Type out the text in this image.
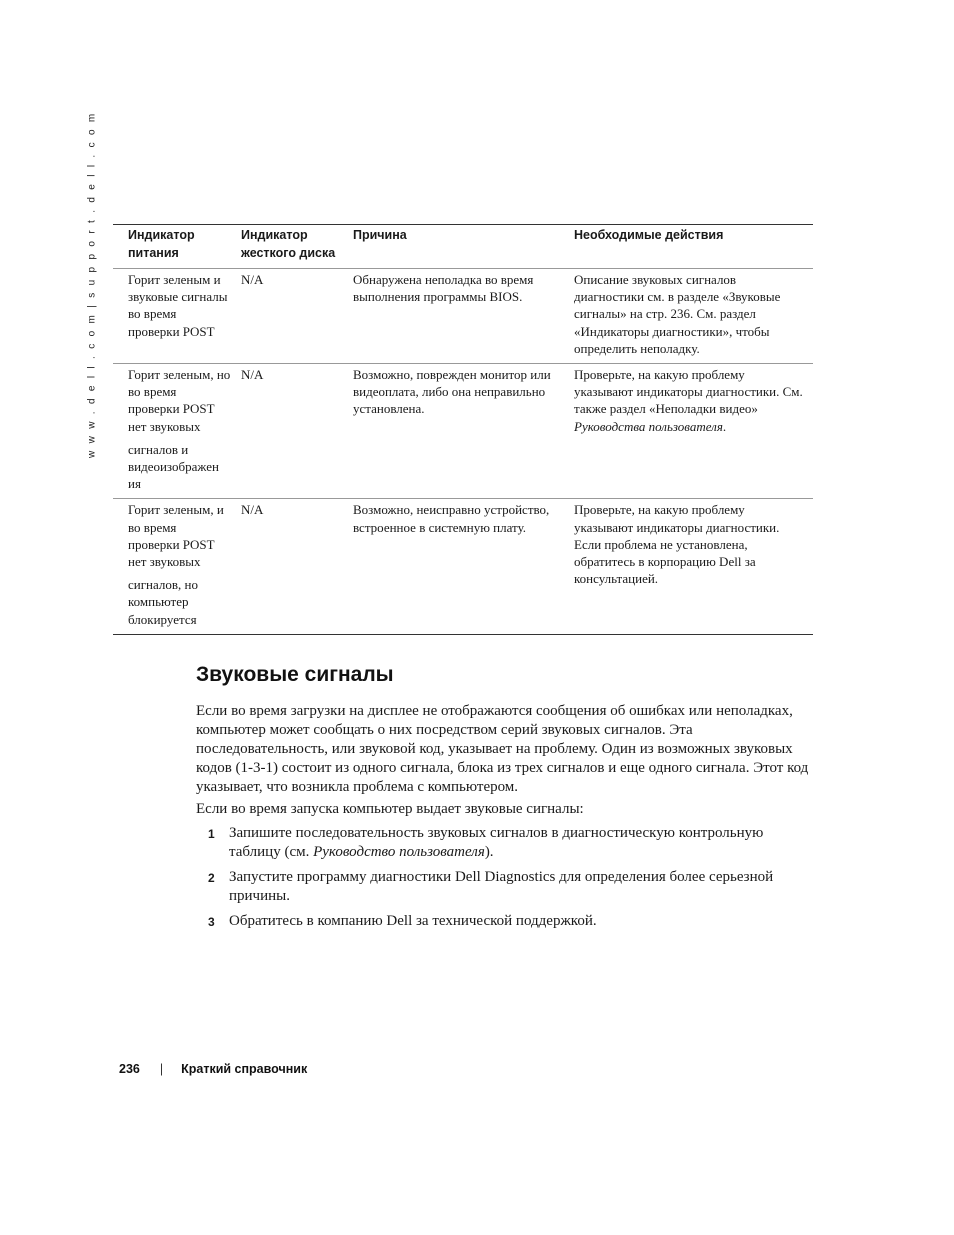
w w w . d e l l . c o m | s u p p o r t . d e l l . c o m Индикатор питания	Индикатор жесткого диска	Причина	Необходимые действия

Горит зеленым и звуковые сигналы во время проверки POST	N/A	Обнаружена неполадка во время выполнения программы BIOS.	Описание звуковых сигналов диагностики см. в разделе «Звуковые сигналы» на стр. 236. См. раздел «Индикаторы диагностики», чтобы определить неполадку.

Горит зеленым, но во время проверки POST нет звуковых

сигналов и видеоизображен ия	N/A	Возможно, поврежден монитор или видеоплата, либо она неправильно установлена.	Проверьте, на какую проблему указывают индикаторы диагностики. См. также раздел «Неполадки видео» Руководства пользователя.

Горит зеленым, и во время проверки POST нет звуковых

сигналов, но компьютер блокируется	N/A	Возможно, неисправно устройство, встроенное в системную плату.	Проверьте, на какую проблему указывают индикаторы диагностики. Если проблема не установлена, обратитесь в корпорацию Dell за консультацией.
Звуковые сигналы

Если во время загрузки на дисплее не отображаются сообщения об ошибках или неполадках, компьютер может сообщать о них посредством серий звуковых сигналов. Эта последовательность, или звуковой код, указывает на проблему. Один из возможных звуковых кодов (1-3-1) состоит из одного сигнала, блока из трех сигналов и еще одного сигнала. Этот код указывает, что возникла проблема с компьютером.

Если во время запуска компьютер выдает звуковые сигналы:

1 Запишите последовательность звуковых сигналов в диагностическую контрольную таблицу (см. Руководство пользователя).
2 Запустите программу диагностики Dell Diagnostics для определения более серьезной причины.
3 Обратитесь в компанию Dell за технической поддержкой.
236 | Краткий справочник
